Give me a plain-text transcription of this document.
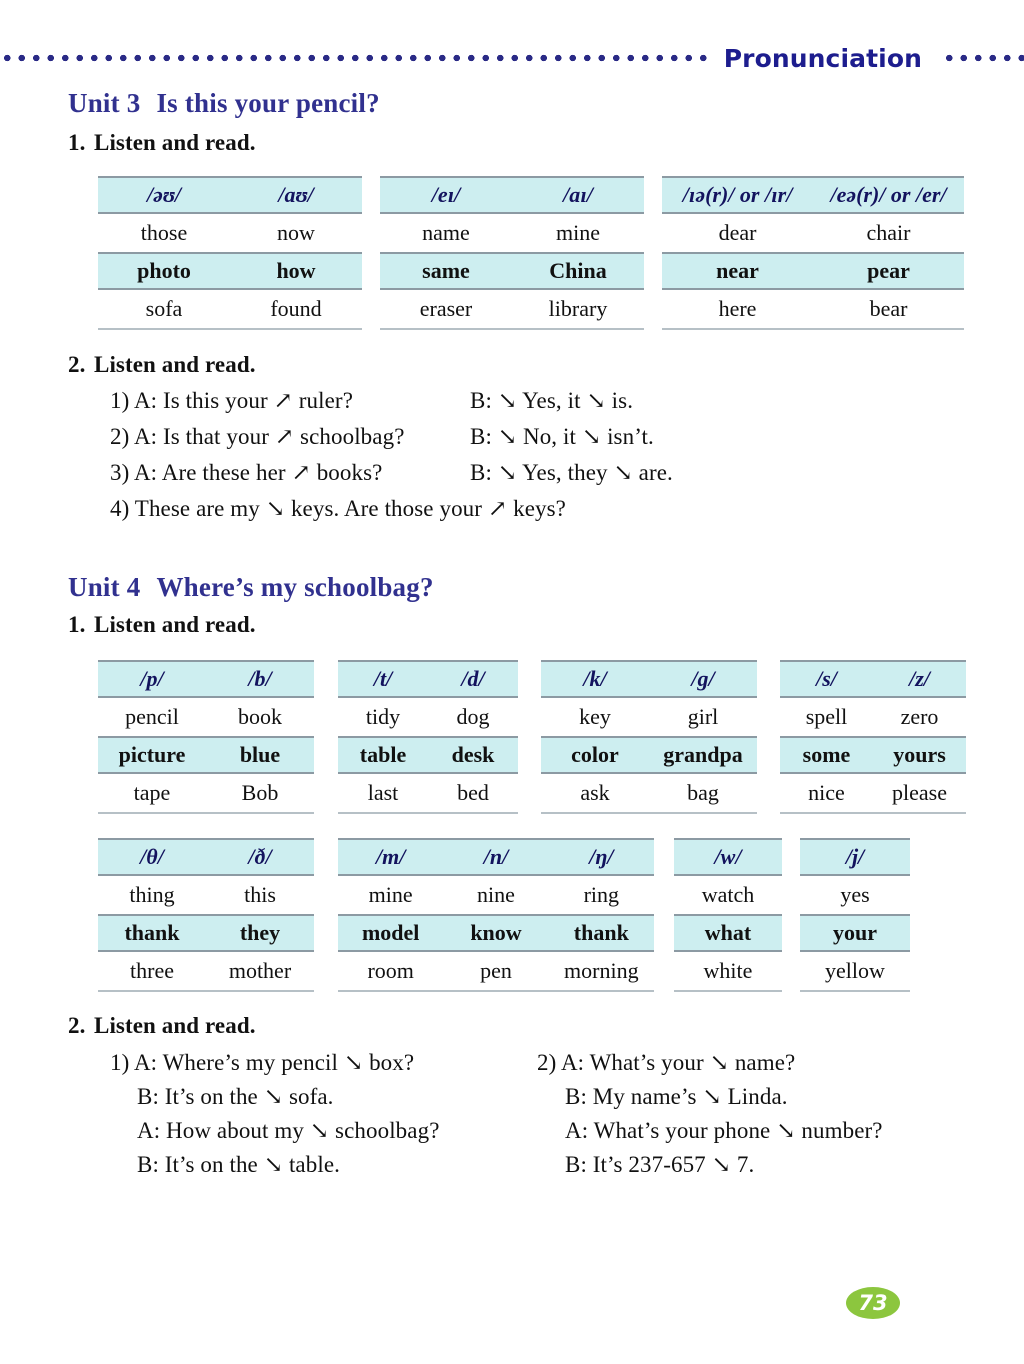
Pronunciation
Unit 3 Is this your pencil?
1. Listen and read.
/əʊ/	/aʊ/
those	now
photo	how
sofa	found
/eɪ/	/aɪ/
name	mine
same	China
eraser	library
/ɪə(r)/ or /ɪr/	/eə(r)/ or /er/
dear	chair
near	pear
here	bear
2. Listen and read.
1) A: Is this your ↗ ruler?	B: ↘ Yes, it ↘ is.
2) A: Is that your ↗ schoolbag?	B: ↘ No, it ↘ isn’t.
3) A: Are these her ↗ books?	B: ↘ Yes, they ↘ are.
4) These are my ↘ keys. Are those your ↗ keys?
Unit 4 Where’s my schoolbag?
1. Listen and read.
/p/	/b/
pencil	book
picture	blue
tape	Bob
/t/	/d/
tidy	dog
table	desk
last	bed
/k/	/g/
key	girl
color	grandpa
ask	bag
/s/	/z/
spell	zero
some	yours
nice	please
/θ/	/ð/
thing	this
thank	they
three	mother
/m/	/n/	/ŋ/
mine	nine	ring
model	know	thank
room	pen	morning
/w/
watch
what
white
/j/
yes
your
yellow
2. Listen and read.
1) A: Where’s my pencil ↘ box?
B: It’s on the ↘ sofa.
A: How about my ↘ schoolbag?
B: It’s on the ↘ table.
2) A: What’s your ↘ name?
B: My name’s ↘ Linda.
A: What’s your phone ↘ number?
B: It’s 237-657 ↘ 7.
73
